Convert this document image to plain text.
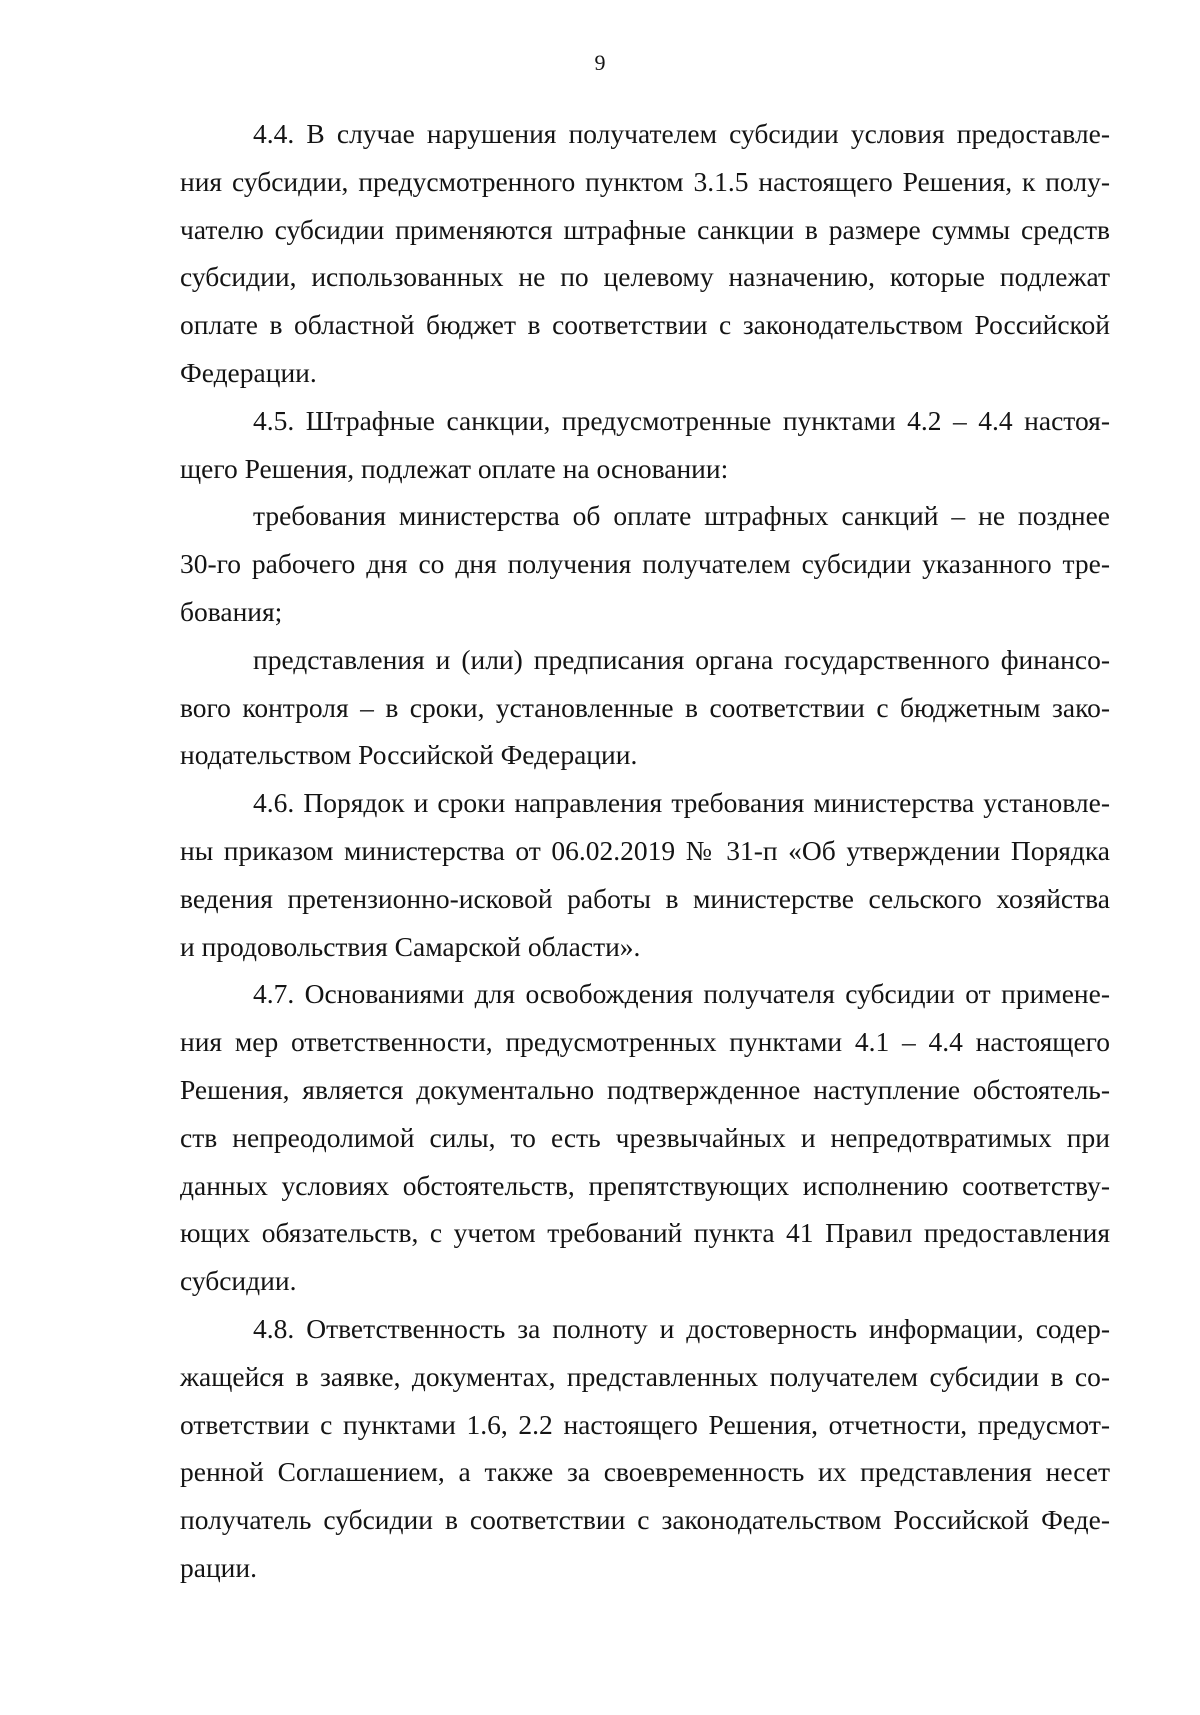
9

4.4. В случае нарушения получателем субсидии условия предоставле-
ния субсидии, предусмотренного пунктом 3.1.5 настоящего Решения, к полу-
чателю субсидии применяются штрафные санкции в размере суммы средств
субсидии, использованных не по целевому назначению, которые подлежат
оплате в областной бюджет в соответствии с законодательством Российской
Федерации.

4.5. Штрафные санкции, предусмотренные пунктами 4.2 – 4.4 настоя-
щего Решения, подлежат оплате на основании:

требования министерства об оплате штрафных санкций – не позднее
30-го рабочего дня со дня получения получателем субсидии указанного тре-
бования;

представления и (или) предписания органа государственного финансо-
вого контроля – в сроки, установленные в соответствии с бюджетным зако-
нодательством Российской Федерации.

4.6. Порядок и сроки направления требования министерства установле-
ны приказом министерства от 06.02.2019 № 31-п «Об утверждении Порядка
ведения претензионно-исковой работы в министерстве сельского хозяйства
и продовольствия Самарской области».

4.7. Основаниями для освобождения получателя субсидии от примене-
ния мер ответственности, предусмотренных пунктами 4.1 – 4.4 настоящего
Решения, является документально подтвержденное наступление обстоятель-
ств непреодолимой силы, то есть чрезвычайных и непредотвратимых при
данных условиях обстоятельств, препятствующих исполнению соответству-
ющих обязательств, с учетом требований пункта 41 Правил предоставления
субсидии.

4.8. Ответственность за полноту и достоверность информации, содер-
жащейся в заявке, документах, представленных получателем субсидии в со-
ответствии с пунктами 1.6, 2.2 настоящего Решения, отчетности, предусмот-
ренной Соглашением, а также за своевременность их представления несет
получатель субсидии в соответствии с законодательством Российской Феде-
рации.
